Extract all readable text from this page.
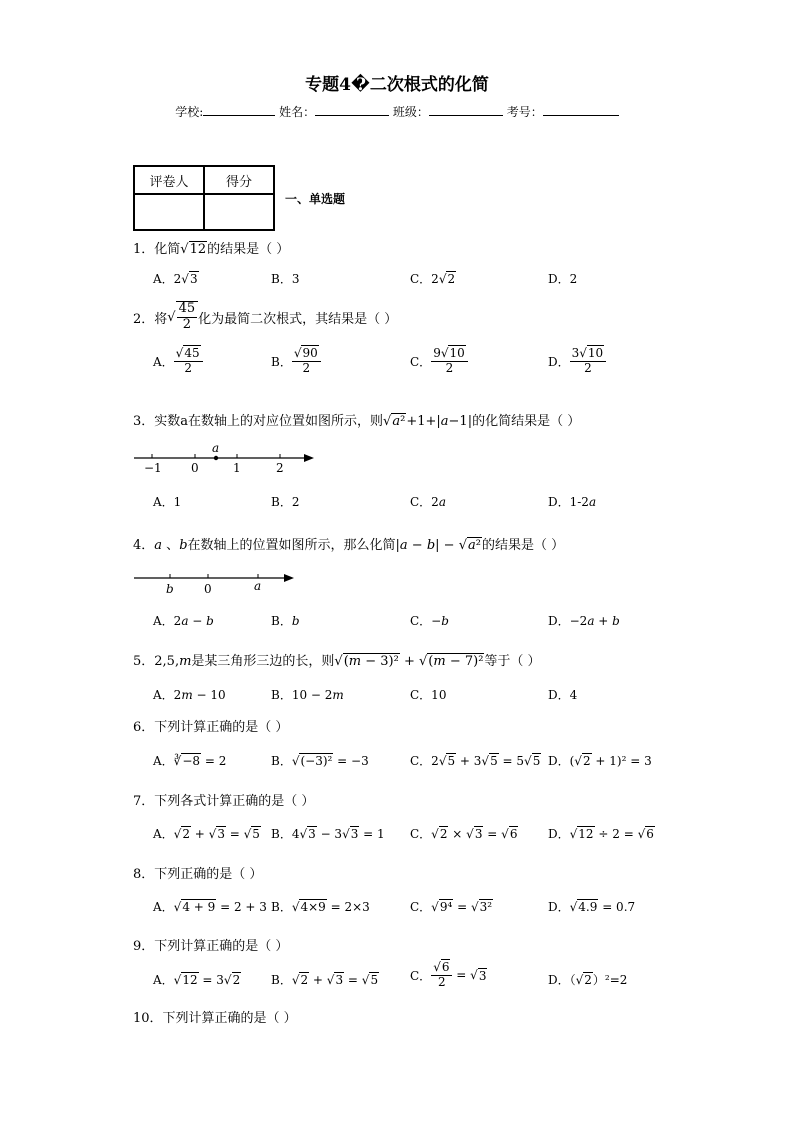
专题4�二次根式的化简
学校:	姓名：	班级：	考号：
评卷人	得分

一、单选题
1．化简√12的结果是（ ）
A．2√3	B．3	C．2√2	D．2
2． 将 √ $\frac{45}{2}$ 化为最简二次根式，其结果是（ ）
A． $\frac{√45}{2}$	B． $\frac{√90}{2}$	C． $\frac{9√10}{2}$	D． $\frac{3√10}{2}$
3．实数a在数轴上的对应位置如图所示，则√a²+1+|a−1|的化简结果是（ ）
a
−1 0	1	2
A．1	B．2	C．2a	D．1-2a
4．a 、b在数轴上的位置如图所示，那么化简|a − b| − √a²的结果是（ ）
b	0	a
A．2a − b	B．b	C．−b	D．−2a + b
5．2,5,m是某三角形三边的长，则√(m − 3)² + √(m − 7)²等于（ ）
A．2m − 10	B．10 − 2m	C．10	D．4
6．下列计算正确的是（ ）
A．∛−8 = 2	B．√(−3)² = −3	C．2√5 + 3√5 = 5√5 D．(√2 + 1)² = 3
7．下列各式计算正确的是（ ）
A．√2 + √3 = √5 B．4√3 − 3√3 = 1 C．√2 × √3 = √6	D．√12 ÷ 2 = √6
8．下列正确的是（ ）
A．√4 + 9 = 2 + 3 B．√4×9 = 2×3	C．√9⁴ = √3²	D．√4.9 = 0.7
9．下列计算正确的是（ ）
A．√12 = 3√2	B．√2 + √3 = √5	C． $\frac{√6}{2}$ = √ 3	D．（√2）²=2
10．下列计算正确的是（ ）
